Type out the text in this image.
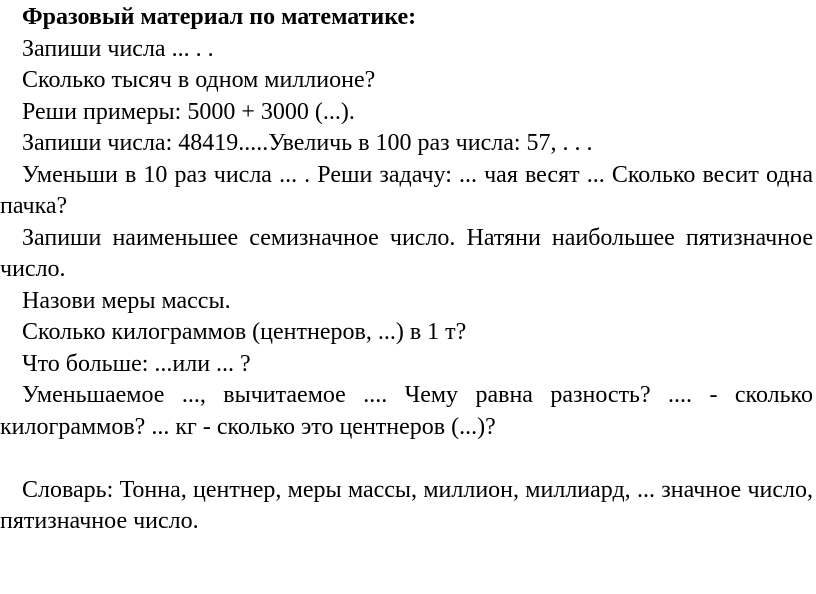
Фразовый материал по математике:

Запиши числа ... . .

Сколько тысяч в одном миллионе?

Реши примеры: 5000 + 3000 (...).

Запиши числа: 48419.....Увеличь в 100 раз числа: 57, . . .

Уменьши в 10 раз числа ... . Реши задачу: ... чая весят ... Сколько весит одна пачка?

Запиши наименьшее семизначное число. Натяни наибольшее пятизначное число.

Назови меры массы.

Сколько килограммов (центнеров, ...) в 1 т?

Что больше: ...или ... ?

Уменьшаемое ..., вычитаемое .... Чему равна разность? .... - сколько килограммов? ... кг - сколько это центнеров (...)?

Словарь: Тонна, центнер, меры массы, миллион, миллиард, ... значное число, пятизначное число.
